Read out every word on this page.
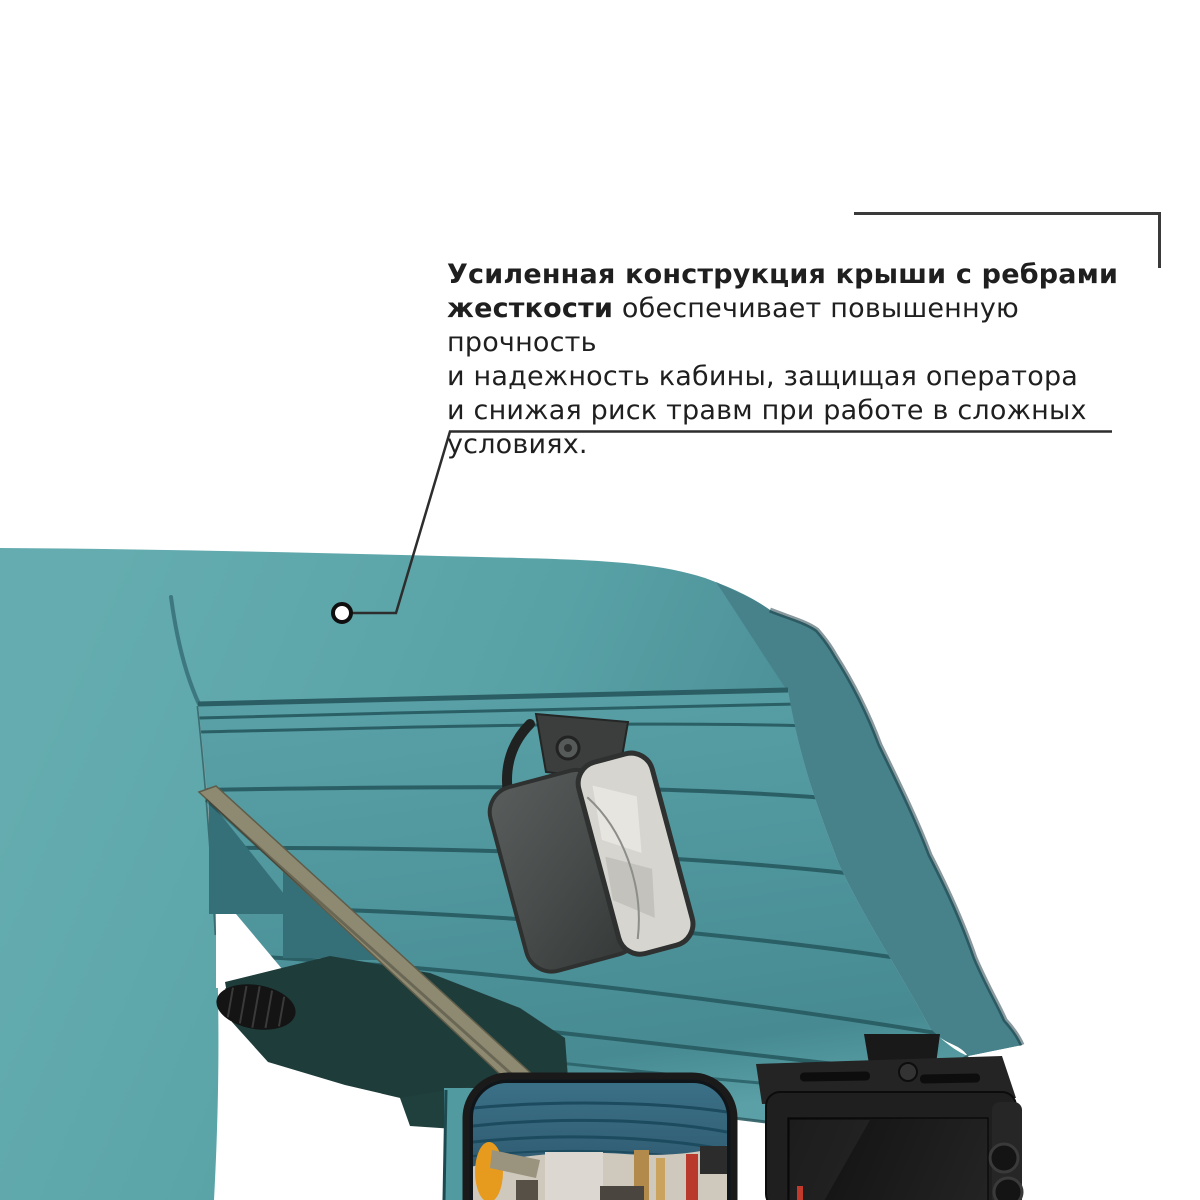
Усиленная конструкция крыши с ребрами
жесткости обеспечивает повышенную прочность
и надежность кабины, защищая оператора
и снижая риск травм при работе в сложных условиях.
